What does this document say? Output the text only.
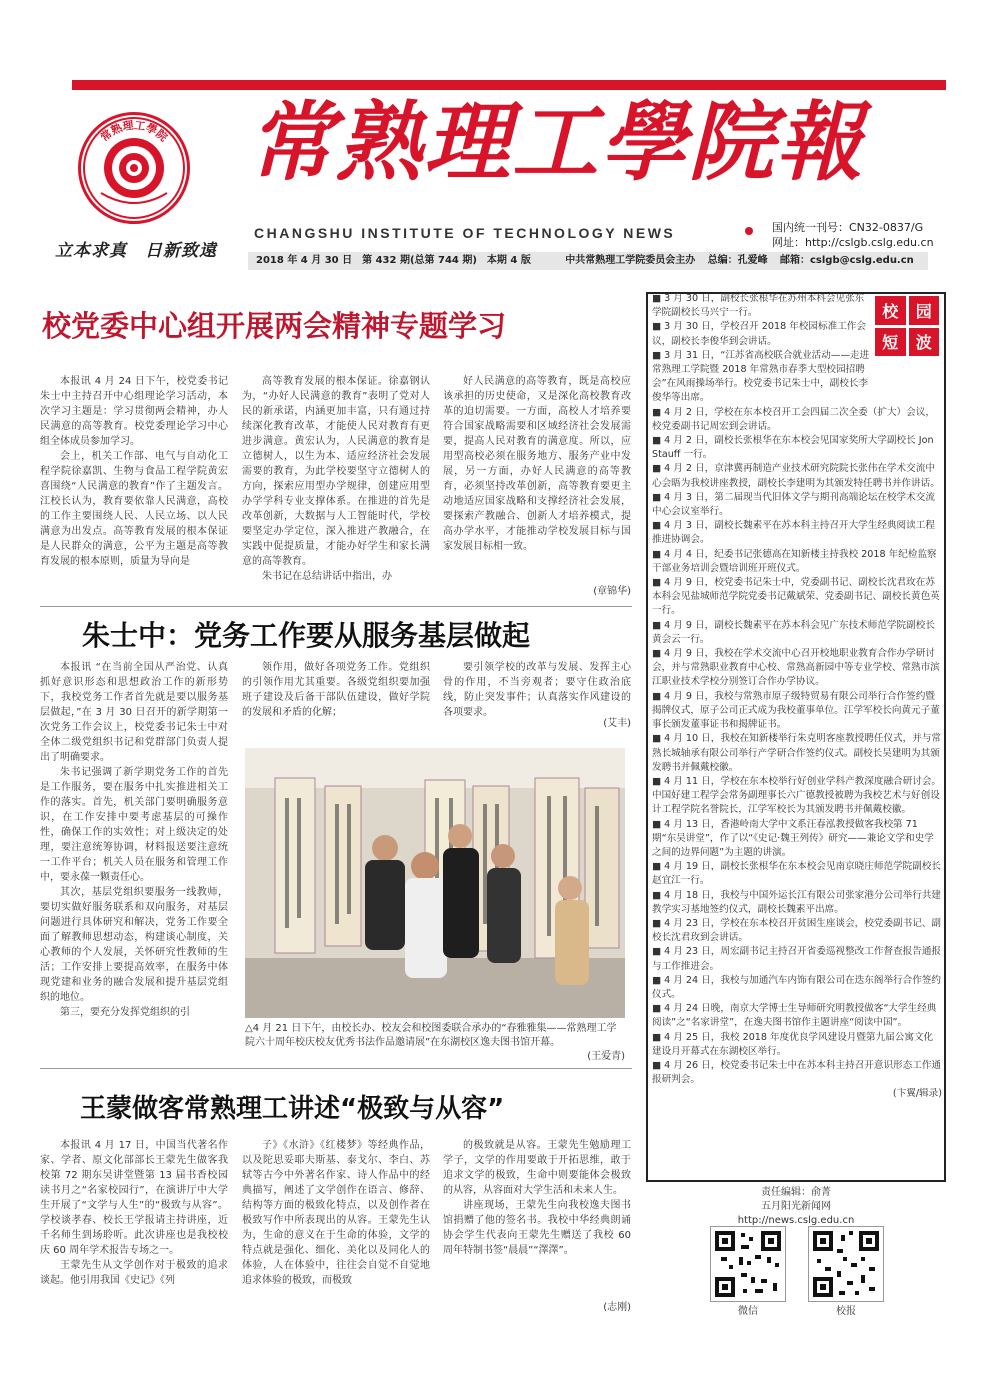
常熟理工學院
立本求真　日新致遠
常熟理工學院報
CHANGSHU INSTITUTE OF TECHNOLOGY NEWS	国内统一刊号：CN32-0837/G
网址：http://cslgb.cslg.edu.cn
2018 年 4 月 30 日　第 432 期(总第 744 期)　本期 4 版	中共常熟理工学院委员会主办 总编：孔爱峰 邮箱：cslgb@cslg.edu.cn
校党委中心组开展两会精神专题学习

本报讯 4 月 24 日下午，校党委书记朱士中主持召开中心组理论学习活动，本次学习主题是：学习贯彻两会精神，办人民满意的高等教育。校党委理论学习中心组全体成员参加学习。

会上，机关工作部、电气与自动化工程学院徐嘉凯、生物与食品工程学院黄宏喜围绕“人民满意的教育”作了主题发言。江校长认为，教育要依靠人民满意，高校的工作主要围绕人民、人民立场、以人民满意为出发点。高等教育发展的根本保证是人民群众的满意，公平为主题是高等教育发展的根本原则，质量为导向是

高等教育发展的根本保证。徐嘉钢认为，“办好人民满意的教育”表明了党对人民的新承诺，内涵更加丰富，只有通过持续深化教育改革，才能使人民对教育有更进步满意。黄宏认为，人民满意的教育是立德树人，以生为本、适应经济社会发展需要的教育，为此学校要坚守立德树人的方向，探索应用型办学规律，创建应用型办学学科专业支撑体系。在推进的首先是改革创新，大数据与人工智能时代，学校要坚定办学定位，深入推进产教融合，在实践中促提质量，才能办好学生和家长满意的高等教育。

朱书记在总结讲话中指出，办

好人民满意的高等教育，既是高校应该承担的历史使命，又是深化高校教育改革的迫切需要。一方面，高校人才培养要符合国家战略需要和区域经济社会发展需要，提高人民对教育的满意度。所以，应用型高校必须在服务地方、服务产业中发展，另一方面，办好人民满意的高等教育，必须坚持改革创新，高等教育要更主动地适应国家战略和支撑经济社会发展，要探索产教融合、创新人才培养模式，提高办学水平，才能推动学校发展目标与国家发展目标相一致。

(章锦华)
朱士中：党务工作要从服务基层做起

本报讯 “在当前全国从严治党、认真抓好意识形态和思想政治工作的新形势下，我校党务工作者首先就是要以服务基层做起，”在 3 月 30 日召开的新学期第一次党务工作会议上，校党委书记朱士中对全体二级党组织书记和党群部门负责人提出了明确要求。

朱书记强调了新学期党务工作的首先是工作服务，要在服务中扎实推进相关工作的落实。首先，机关部门要明确服务意识，在工作安排中要考虑基层的可操作性，确保工作的实效性；对上级决定的处理，要注意统筹协调，材料报送要注意统一工作平台；机关人员在服务和管理工作中，要永葆一颗责任心。

其次，基层党组织要服务一线教师，要切实做好服务联系和双向服务，对基层问题进行具体研究和解决，党务工作要全面了解教师思想动态，构建谈心制度，关心教师的个人发展，关怀研究性教师的生活；工作安排上要提高效率，在服务中体现党建和业务的融合发展和提升基层党组织的地位。

第三，要充分发挥党组织的引

领作用，做好各项党务工作。党组织的引领作用尤其重要。各级党组织要加强班子建设及后备干部队伍建设，做好学院的发展和矛盾的化解；

要引领学校的改革与发展、发挥主心骨的作用，不当旁观者；要守住政治底线，防止突发事件；认真落实作风建设的各项要求。

(艾丰)
△4 月 21 日下午，由校长办、校友会和校图委联合承办的“春雅雅集——常熟理工学院六十周年校庆校友优秀书法作品邀请展”在东湖校区逸夫图书馆开幕。
(王爱青)
王蒙做客常熟理工讲述“极致与从容”

本报讯 4 月 17 日，中国当代著名作家、学者、原文化部部长王蒙先生做客我校第 72 期东吴讲堂暨第 13 届书香校园读书月之“名家校园行”，在演讲厅中大学生开展了“文学与人生”的“极致与从容”。学校谈孝春、校长王学报请主持讲座，近千名师生到场聆听。此次讲座也是我校校庆 60 周年学术报告专场之一。

王蒙先生从文学创作对于极致的追求谈起。他引用我国《史记》《列

子》《水浒》《红楼梦》等经典作品，以及陀思妥耶夫斯基、泰戈尔、李白、苏轼等古今中外著名作家、诗人作品中的经典描写，阐述了文学创作在语言、修辞、结构等方面的极致化特点，以及创作者在极致写作中所表现出的从容。王蒙先生认为，生命的意义在于生命的体验，文学的特点就是强化、细化、美化以及同化人的体验，人在体验中，往往会自觉不自觉地追求体验的极致，而极致

的极致就是从容。王蒙先生勉励理工学子，文学的作用要敢于开拓思维，敢于追求文学的极致，生命中则要能体会极致的从容，从容面对大学生活和未来人生。

讲座现场，王蒙先生向我校逸夫图书馆捐赠了他的签名书。我校中华经典朗诵协会学生代表向王蒙先生赠送了我校 60 周年特制书签“晨晨”“澤澤”。

(志刚)
校	园
短	波
■ 3 月 30 日，副校长张根华在苏州本科会见张东学院副校长马兴宁一行。
■ 3 月 30 日，学校召开 2018 年校园标准工作会议，副校长李俊华到会讲话。
■ 3 月 31 日，“江苏省高校联合就业活动——走进常熟理工学院暨 2018 年常熟市春季大型校园招聘会”在风雨操场举行。校党委书记朱士中，副校长李俊华等出席。
■ 4 月 2 日，学校在东本校召开工会四届二次全委（扩大）会议，校党委副书记周宏到会讲话。
■ 4 月 2 日，副校长张根华在东本校会见国家奖所大学副校长 Jon Stauff 一行。
■ 4 月 2 日，京津冀再制造产业技术研究院院长张伟在学术交流中心会晤为我校讲座教授，副校长李建明为其颁发特任聘书并作讲话。
■ 4 月 3 日，第二届现当代旧体文学与期刊高端论坛在校学术交流中心会议室举行。
■ 4 月 3 日，副校长魏素平在苏本科主持召开大学生经典阅读工程推进协调会。
■ 4 月 4 日，纪委书记张德高在知新楼主持我校 2018 年纪检监察干部业务培训会暨培训班开班仪式。
■ 4 月 9 日，校党委书记朱士中，党委副书记、副校长沈君玫在苏本科会见盐城师范学院党委书记戴斌荣、党委副书记、副校长黄色英一行。
■ 4 月 9 日，副校长魏素平在苏本科会见广东技术师范学院副校长黄会云一行。
■ 4 月 9 日，我校在学术交流中心召开校地职业教育合作办学研讨会，并与常熟职业教育中心校、常熟高新园中等专业学校、常熟市滨江职业技术学校分别签订合作办学协议。
■ 4 月 9 日，我校与常熟市原子级特贸易有限公司举行合作签约暨揭牌仪式，原子公司正式成为我校董事单位。江学军校长向黄元子董事长颁发董事证书和揭牌证书。
■ 4 月 10 日，我校在知新楼举行朱克明客座教授聘任仪式，并与常熟长城轴承有限公司举行产学研合作签约仪式。副校长吴建明为其颁发聘书并佩戴校徽。
■ 4 月 11 日，学校在东本校举行好创业学科产教深度融合研讨会。中国好建工程学会常务副理事长六广德教授被聘为我校艺术与好创设计工程学院名誉院长，江学军校长为其颁发聘书并佩戴校徽。
■ 4 月 13 日，香港岭南大学中文系汪春泓教授做客我校第 71 期“东吴讲堂”，作了以“《史记·魏王列传》研究——兼论文学和史学之间的边界问题”为主题的讲演。
■ 4 月 19 日，副校长张根华在东本校会见南京晓庄师范学院副校长赵宜江一行。
■ 4 月 18 日，我校与中国外运长江有限公司张家港分公司举行共建教学实习基地签约仪式，副校长魏素平出席。
■ 4 月 23 日，学校在东本校召开贫困生座谈会，校党委副书记、副校长沈君玫到会讲话。
■ 4 月 23 日，周宏副书记主持召开省委巡视整改工作督查报告通报与工作推进会。
■ 4 月 24 日，我校与加通汽车内饰有限公司在迭东阁举行合作签约仪式。
■ 4 月 24 日晚，南京大学博士生导师研究明教授做客“大学生经典阅读”之“名家讲堂”，在逸夫图书馆作主题讲座“阅读中国”。
■ 4 月 25 日，我校 2018 年度优良学风建设月暨第九届公寓文化建设月开幕式在东湖校区举行。
■ 4 月 26 日，校党委书记朱士中在苏本科主持召开意识形态工作通报研判会。
(卞翼/辑录)
责任编辑：俞菁
五月阳光新闻网
http://news.cslg.edu.cn
微信	校报
